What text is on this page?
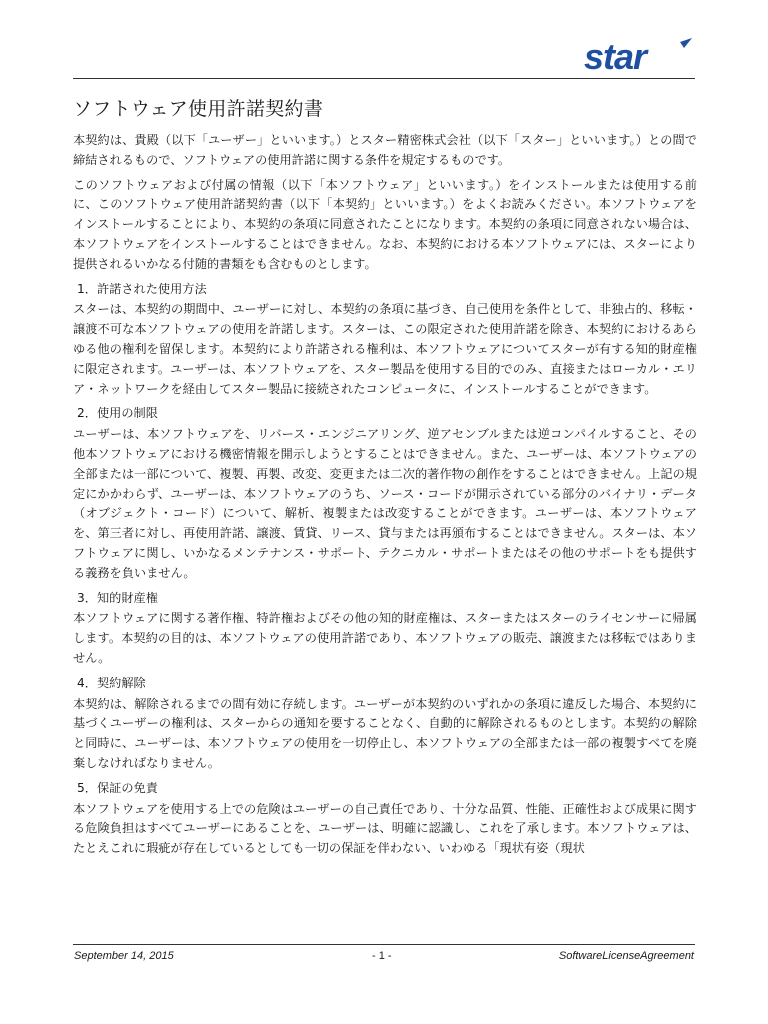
star
ソフトウェア使用許諾契約書

本契約は、貴殿（以下「ユーザー」といいます。）とスター精密株式会社（以下「スター」といいます。）との間で締結されるもので、ソフトウェアの使用許諾に関する条件を規定するものです。

このソフトウェアおよび付属の情報（以下「本ソフトウェア」といいます。）をインストールまたは使用する前に、このソフトウェア使用許諾契約書（以下「本契約」といいます。）をよくお読みください。本ソフトウェアをインストールすることにより、本契約の条項に同意されたことになります。本契約の条項に同意されない場合は、本ソフトウェアをインストールすることはできません。なお、本契約における本ソフトウェアには、スターにより提供されるいかなる付随的書類をも含むものとします。

1．許諾された使用方法

スターは、本契約の期間中、ユーザーに対し、本契約の条項に基づき、自己使用を条件として、非独占的、移転・譲渡不可な本ソフトウェアの使用を許諾します。スターは、この限定された使用許諾を除き、本契約におけるあらゆる他の権利を留保します。本契約により許諾される権利は、本ソフトウェアについてスターが有する知的財産権に限定されます。ユーザーは、本ソフトウェアを、スター製品を使用する目的でのみ、直接またはローカル・エリア・ネットワークを経由してスター製品に接続されたコンピュータに、インストールすることができます。

2．使用の制限

ユーザーは、本ソフトウェアを、リバース・エンジニアリング、逆アセンブルまたは逆コンパイルすること、その他本ソフトウェアにおける機密情報を開示しようとすることはできません。また、ユーザーは、本ソフトウェアの全部または一部について、複製、再製、改変、変更または二次的著作物の創作をすることはできません。上記の規定にかかわらず、ユーザーは、本ソフトウェアのうち、ソース・コードが開示されている部分のバイナリ・データ（オブジェクト・コード）について、解析、複製または改変することができます。ユーザーは、本ソフトウェアを、第三者に対し、再使用許諾、譲渡、賃貸、リース、貸与または再頒布することはできません。スターは、本ソフトウェアに関し、いかなるメンテナンス・サポート、テクニカル・サポートまたはその他のサポートをも提供する義務を負いません。

3．知的財産権

本ソフトウェアに関する著作権、特許権およびその他の知的財産権は、スターまたはスターのライセンサーに帰属します。本契約の目的は、本ソフトウェアの使用許諾であり、本ソフトウェアの販売、譲渡または移転ではありません。

4．契約解除

本契約は、解除されるまでの間有効に存続します。ユーザーが本契約のいずれかの条項に違反した場合、本契約に基づくユーザーの権利は、スターからの通知を要することなく、自動的に解除されるものとします。本契約の解除と同時に、ユーザーは、本ソフトウェアの使用を一切停止し、本ソフトウェアの全部または一部の複製すべてを廃棄しなければなりません。

5．保証の免責

本ソフトウェアを使用する上での危険はユーザーの自己責任であり、十分な品質、性能、正確性および成果に関する危険負担はすべてユーザーにあることを、ユーザーは、明確に認識し、これを了承します。本ソフトウェアは、たとえこれに瑕疵が存在しているとしても一切の保証を伴わない、いわゆる「現状有姿（現状

September 14, 2015	- 1 -	SoftwareLicenseAgreement
